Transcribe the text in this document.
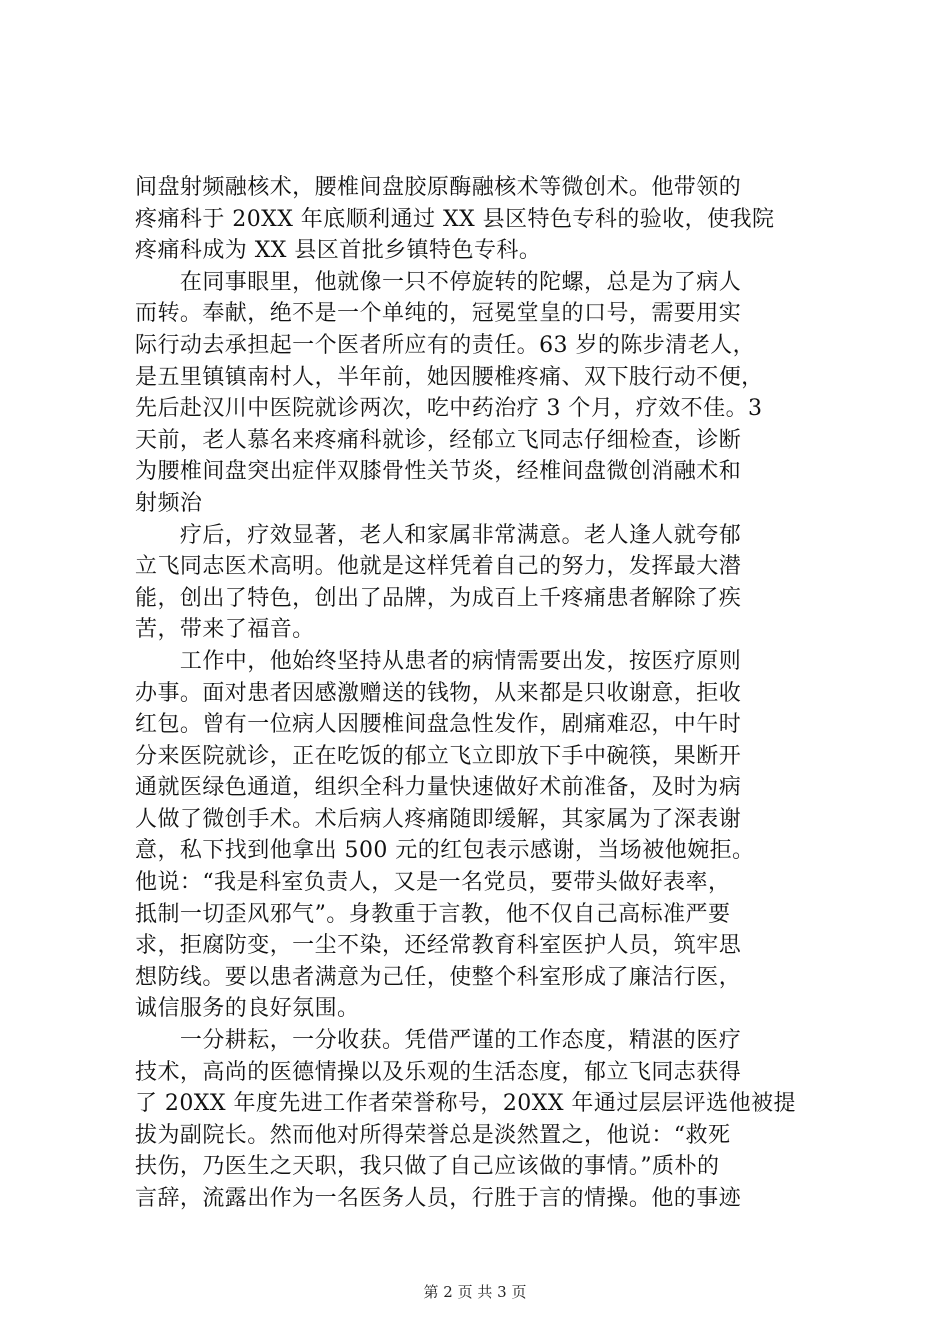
间盘射频融核术，腰椎间盘胶原酶融核术等微创术。他带领的
疼痛科于 20XX 年底顺利通过 XX 县区特色专科的验收，使我院
疼痛科成为 XX 县区首批乡镇特色专科。
　　在同事眼里，他就像一只不停旋转的陀螺，总是为了病人
而转。奉献，绝不是一个单纯的，冠冕堂皇的口号，需要用实
际行动去承担起一个医者所应有的责任。63 岁的陈步清老人，
是五里镇镇南村人，半年前，她因腰椎疼痛、双下肢行动不便，
先后赴汉川中医院就诊两次，吃中药治疗 3 个月，疗效不佳。3
天前，老人慕名来疼痛科就诊，经郁立飞同志仔细检查，诊断
为腰椎间盘突出症伴双膝骨性关节炎，经椎间盘微创消融术和
射频治
　　疗后，疗效显著，老人和家属非常满意。老人逢人就夸郁
立飞同志医术高明。他就是这样凭着自己的努力，发挥最大潜
能，创出了特色，创出了品牌，为成百上千疼痛患者解除了疾
苦，带来了福音。
　　工作中，他始终坚持从患者的病情需要出发，按医疗原则
办事。面对患者因感激赠送的钱物，从来都是只收谢意，拒收
红包。曾有一位病人因腰椎间盘急性发作，剧痛难忍，中午时
分来医院就诊，正在吃饭的郁立飞立即放下手中碗筷，果断开
通就医绿色通道，组织全科力量快速做好术前准备，及时为病
人做了微创手术。术后病人疼痛随即缓解，其家属为了深表谢
意，私下找到他拿出 500 元的红包表示感谢，当场被他婉拒。
他说：“我是科室负责人，又是一名党员，要带头做好表率，
抵制一切歪风邪气”。身教重于言教，他不仅自己高标准严要
求，拒腐防变，一尘不染，还经常教育科室医护人员，筑牢思
想防线。要以患者满意为己任，使整个科室形成了廉洁行医，
诚信服务的良好氛围。
　　一分耕耘，一分收获。凭借严谨的工作态度，精湛的医疗
技术，高尚的医德情操以及乐观的生活态度，郁立飞同志获得
了 20XX 年度先进工作者荣誉称号，20XX 年通过层层评选他被提
拔为副院长。然而他对所得荣誉总是淡然置之，他说：“救死
扶伤，乃医生之天职，我只做了自己应该做的事情。”质朴的
言辞，流露出作为一名医务人员，行胜于言的情操。他的事迹
第 2 页 共 3 页
